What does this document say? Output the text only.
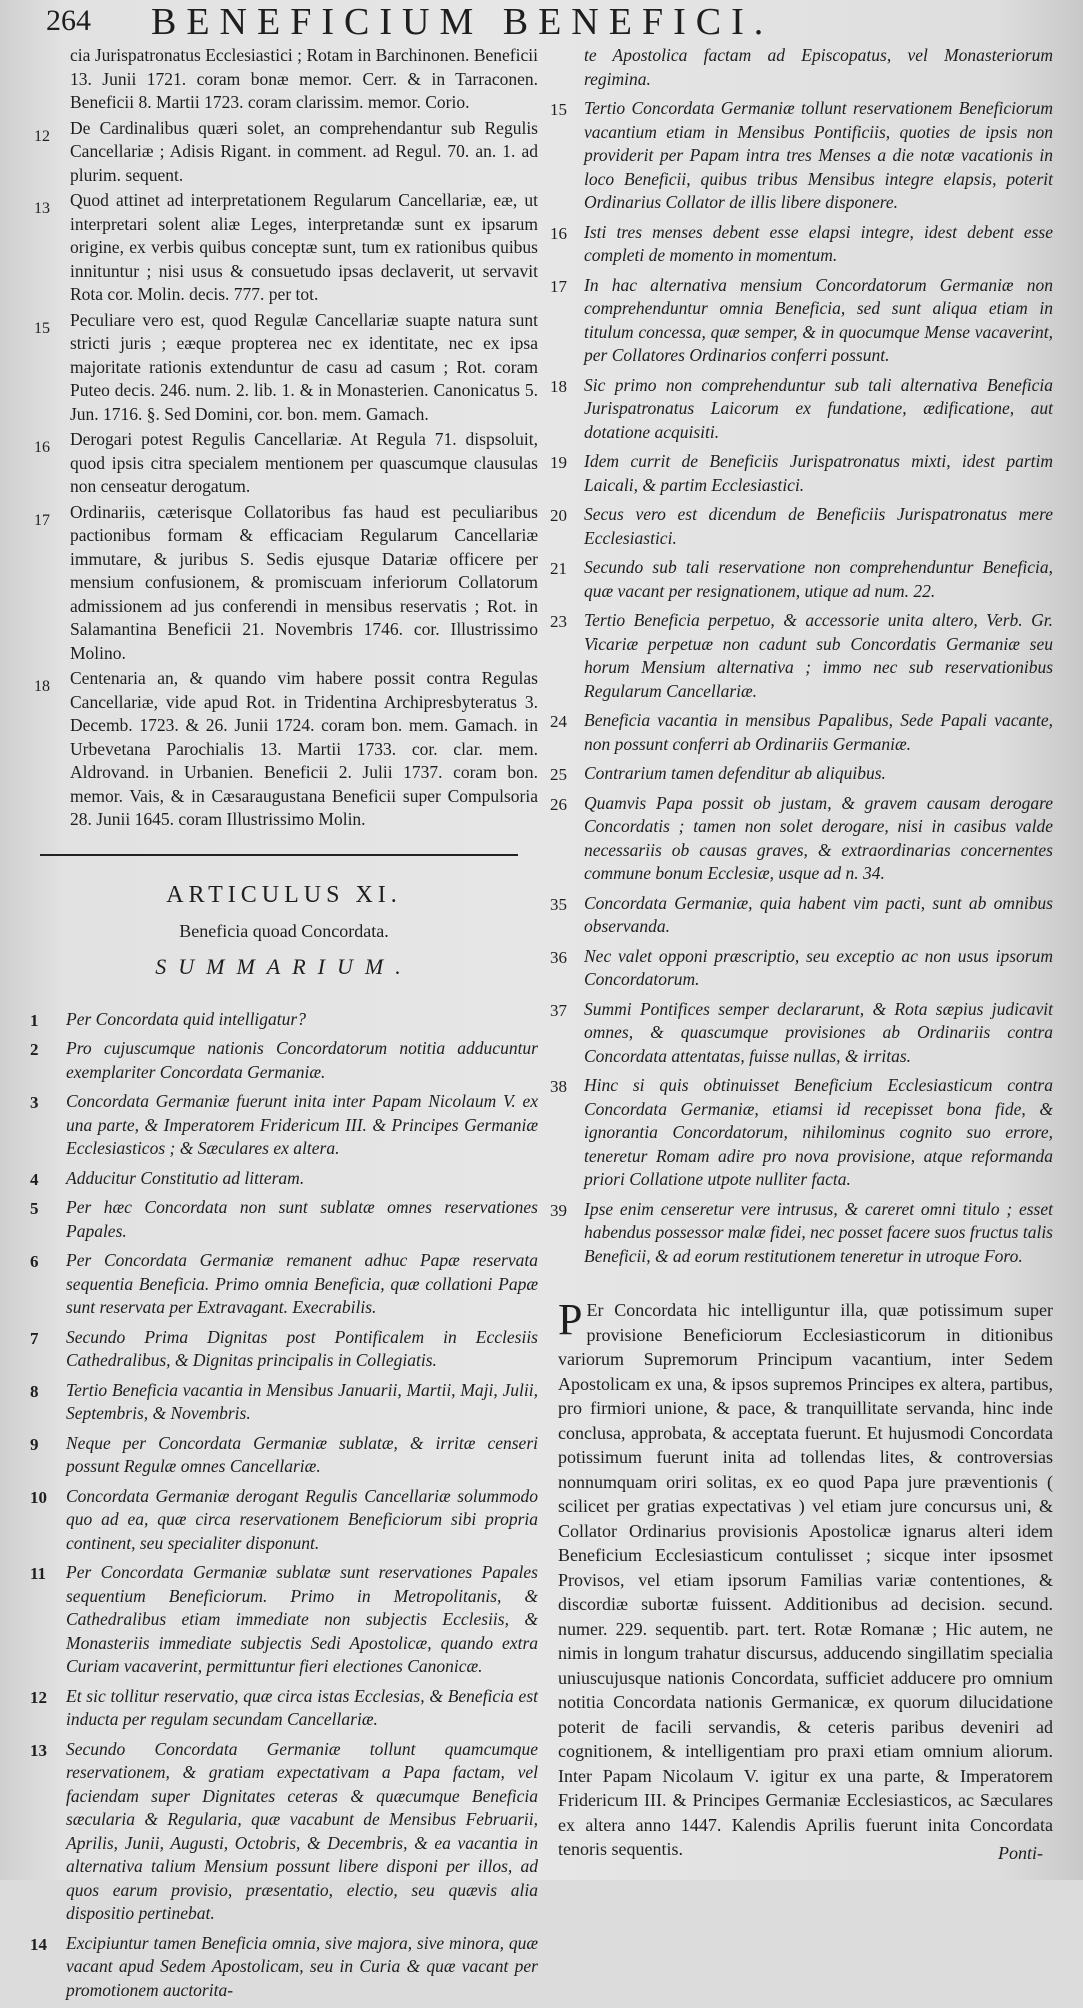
264 BENEFICIUM BENEFICI.
cia Jurispatronatus Ecclesiastici ; Rotam in Barchinonen. Beneficii 13. Junii 1721. coram bonæ memor. Cerr. & in Tarraconen. Beneficii 8. Martii 1723. coram clarissim. memor. Corio.
12 De Cardinalibus quæri solet, an comprehendantur sub Regulis Cancellariæ ; Adisis Rigant. in comment. ad Regul. 70. an. 1. ad plurim. sequent.
13 Quod attinet ad interpretationem Regularum Cancellariæ, eæ, ut interpretari solent aliæ Leges, interpretandæ sunt ex ipsarum origine, ex verbis quibus conceptæ sunt, tum ex rationibus quibus innituntur ; nisi usus & consuetudo ipsas declaverit, ut servavit Rota cor. Molin. decis. 777. per tot.
15 Peculiare vero est, quod Regulæ Cancellariæ suapte natura sunt stricti juris ; eæque propterea nec ex identitate, nec ex ipsa majoritate rationis extenduntur de casu ad casum ; Rot. coram Puteo decis. 246. num. 2. lib. 1. & in Monasterien. Canonicatus 5. Jun. 1716. §. Sed Domini, cor. bon. mem. Gamach.
16 Derogari potest Regulis Cancellariæ. At Regula 71. dispsoluit, quod ipsis citra specialem mentionem per quascumque clausulas non censeatur derogatum.
17 Ordinariis, cæterisque Collatoribus fas haud est peculiaribus pactionibus formam & efficaciam Regularum Cancellariæ immutare, & juribus S. Sedis ejusque Datariæ officere per mensium confusionem, & promiscuam inferiorum Collatorum admissionem ad jus conferendi in mensibus reservatis ; Rot. in Salamantina Beneficii 21. Novembris 1746. cor. Illustrissimo Molino.
18 Centenaria an, & quando vim habere possit contra Regulas Cancellariæ, vide apud Rot. in Tridentina Archipresbyteratus 3. Decemb. 1723. & 26. Junii 1724. coram bon. mem. Gamach. in Urbevetana Parochialis 13. Martii 1733. cor. clar. mem. Aldrovand. in Urbanien. Beneficii 2. Julii 1737. coram bon. memor. Vais, & in Cæsaraugustana Beneficii super Compulsoria 28. Junii 1645. coram Illustrissimo Molin.
ARTICULUS XI.
Beneficia quoad Concordata.
SUMMARIUM.
1 Per Concordata quid intelligatur?
2 Pro cujuscumque nationis Concordatorum notitia adducuntur exemplariter Concordata Germaniæ.
3 Concordata Germaniæ fuerunt inita inter Papam Nicolaum V. ex una parte, & Imperatorem Fridericum III. & Principes Germaniæ Ecclesiasticos ; & Sæculares ex altera.
4 Adducitur Constitutio ad litteram.
5 Per hæc Concordata non sunt sublatæ omnes reservationes Papales.
6 Per Concordata Germaniæ remanent adhuc Papæ reservata sequentia Beneficia. Primo omnia Beneficia, quæ collationi Papæ sunt reservata per Extravagant. Execrabilis.
7 Secundo Prima Dignitas post Pontificalem in Ecclesiis Cathedralibus, & Dignitas principalis in Collegiatis.
8 Tertio Beneficia vacantia in Mensibus Januarii, Martii, Maji, Julii, Septembris, & Novembris.
9 Neque per Concordata Germaniæ sublatæ, & irritæ censeri possunt Regulæ omnes Cancellariæ.
10 Concordata Germaniæ derogant Regulis Cancellariæ solummodo quo ad ea, quæ circa reservationem Beneficiorum sibi propria continent, seu specialiter disponunt.
11 Per Concordata Germaniæ sublatæ sunt reservationes Papales sequentium Beneficiorum. Primo in Metropolitanis, & Cathedralibus etiam immediate non subjectis Ecclesiis, & Monasteriis immediate subjectis Sedi Apostolicæ, quando extra Curiam vacaverint, permittuntur fieri electiones Canonicæ.
12 Et sic tollitur reservatio, quæ circa istas Ecclesias, & Beneficia est inducta per regulam secundam Cancellariæ.
13 Secundo Concordata Germaniæ tollunt quamcumque reservationem, & gratiam expectativam a Papa factam, vel faciendam super Dignitates ceteras & quæcumque Beneficia sæcularia & Regularia, quæ vacabunt de Mensibus Februarii, Aprilis, Junii, Augusti, Octobris, & Decembris, & ea vacantia in alternativa talium Mensium possunt libere disponi per illos, ad quos earum provisio, præsentatio, electio, seu quævis alia dispositio pertinebat.
14 Excipiuntur tamen Beneficia omnia, sive majora, sive minora, quæ vacant apud Sedem Apostolicam, seu in Curia & quæ vacant per promotionem auctorita-
te Apostolica factam ad Episcopatus, vel Monasteriorum regimina.
15 Tertio Concordata Germaniæ tollunt reservationem Beneficiorum vacantium etiam in Mensibus Pontificiis, quoties de ipsis non providerit per Papam intra tres Menses a die notæ vacationis in loco Beneficii, quibus tribus Mensibus integre elapsis, poterit Ordinarius Collator de illis libere disponere.
16 Isti tres menses debent esse elapsi integre, idest debent esse completi de momento in momentum.
17 In hac alternativa mensium Concordatorum Germaniæ non comprehenduntur omnia Beneficia, sed sunt aliqua etiam in titulum concessa, quæ semper, & in quocumque Mense vacaverint, per Collatores Ordinarios conferri possunt.
18 Sic primo non comprehenduntur sub tali alternativa Beneficia Jurispatronatus Laicorum ex fundatione, ædificatione, aut dotatione acquisiti.
19 Idem currit de Beneficiis Jurispatronatus mixti, idest partim Laicali, & partim Ecclesiastici.
20 Secus vero est dicendum de Beneficiis Jurispatronatus mere Ecclesiastici.
21 Secundo sub tali reservatione non comprehenduntur Beneficia, quæ vacant per resignationem, utique ad num. 22.
23 Tertio Beneficia perpetuo, & accessorie unita altero, Verb. Gr. Vicariæ perpetuæ non cadunt sub Concordatis Germaniæ seu horum Mensium alternativa ; immo nec sub reservationibus Regularum Cancellariæ.
24 Beneficia vacantia in mensibus Papalibus, Sede Papali vacante, non possunt conferri ab Ordinariis Germaniæ.
25 Contrarium tamen defenditur ab aliquibus.
26 Quamvis Papa possit ob justam, & gravem causam derogare Concordatis ; tamen non solet derogare, nisi in casibus valde necessariis ob causas graves, & extraordinarias concernentes commune bonum Ecclesiæ, usque ad n. 34.
35 Concordata Germaniæ, quia habent vim pacti, sunt ab omnibus observanda.
36 Nec valet opponi præscriptio, seu exceptio ac non usus ipsorum Concordatorum.
37 Summi Pontifices semper declararunt, & Rota sæpius judicavit omnes, & quascumque provisiones ab Ordinariis contra Concordata attentatas, fuisse nullas, & irritas.
38 Hinc si quis obtinuisset Beneficium Ecclesiasticum contra Concordata Germaniæ, etiamsi id recepisset bona fide, & ignorantia Concordatorum, nihilominus cognito suo errore, teneretur Romam adire pro nova provisione, atque reformanda priori Collatione utpote nulliter facta.
39 Ipse enim censeretur vere intrusus, & careret omni titulo ; esset habendus possessor malæ fidei, nec posset facere suos fructus talis Beneficii, & ad eorum restitutionem teneretur in utroque Foro.
P Er Concordata hic intelliguntur illa, quæ potissimum super provisione Beneficiorum Ecclesiasticorum in ditionibus variorum Supremorum Principum vacantium, inter Sedem Apostolicam ex una, & ipsos supremos Principes ex altera, partibus, pro firmiori unione, & pace, & tranquillitate servanda, hinc inde conclusa, approbata, & acceptata fuerunt. Et hujusmodi Concordata potissimum fuerunt inita ad tollendas lites, & controversias nonnumquam oriri solitas, ex eo quod Papa jure præventionis ( scilicet per gratias expectativas ) vel etiam jure concursus uni, & Collator Ordinarius provisionis Apostolicæ ignarus alteri idem Beneficium Ecclesiasticum contulisset ; sicque inter ipsosmet Provisos, vel etiam ipsorum Familias variæ contentiones, & discordiæ subortæ fuissent. Additionibus ad decision. secund. numer. 229. sequentib. part. tert. Rotæ Romanæ ; Hic autem, ne nimis in longum trahatur discursus, adducendo singillatim specialia uniuscujusque nationis Concordata, sufficiet adducere pro omnium notitia Concordata nationis Germanicæ, ex quorum dilucidatione poterit de facili servandis, & ceteris paribus deveniri ad cognitionem, & intelligentiam pro praxi etiam omnium aliorum. Inter Papam Nicolaum V. igitur ex una parte, & Imperatorem Fridericum III. & Principes Germaniæ Ecclesiasticos, ac Sæculares ex altera anno 1447. Kalendis Aprilis fuerunt inita Concordata tenoris sequentis.	Ponti-
